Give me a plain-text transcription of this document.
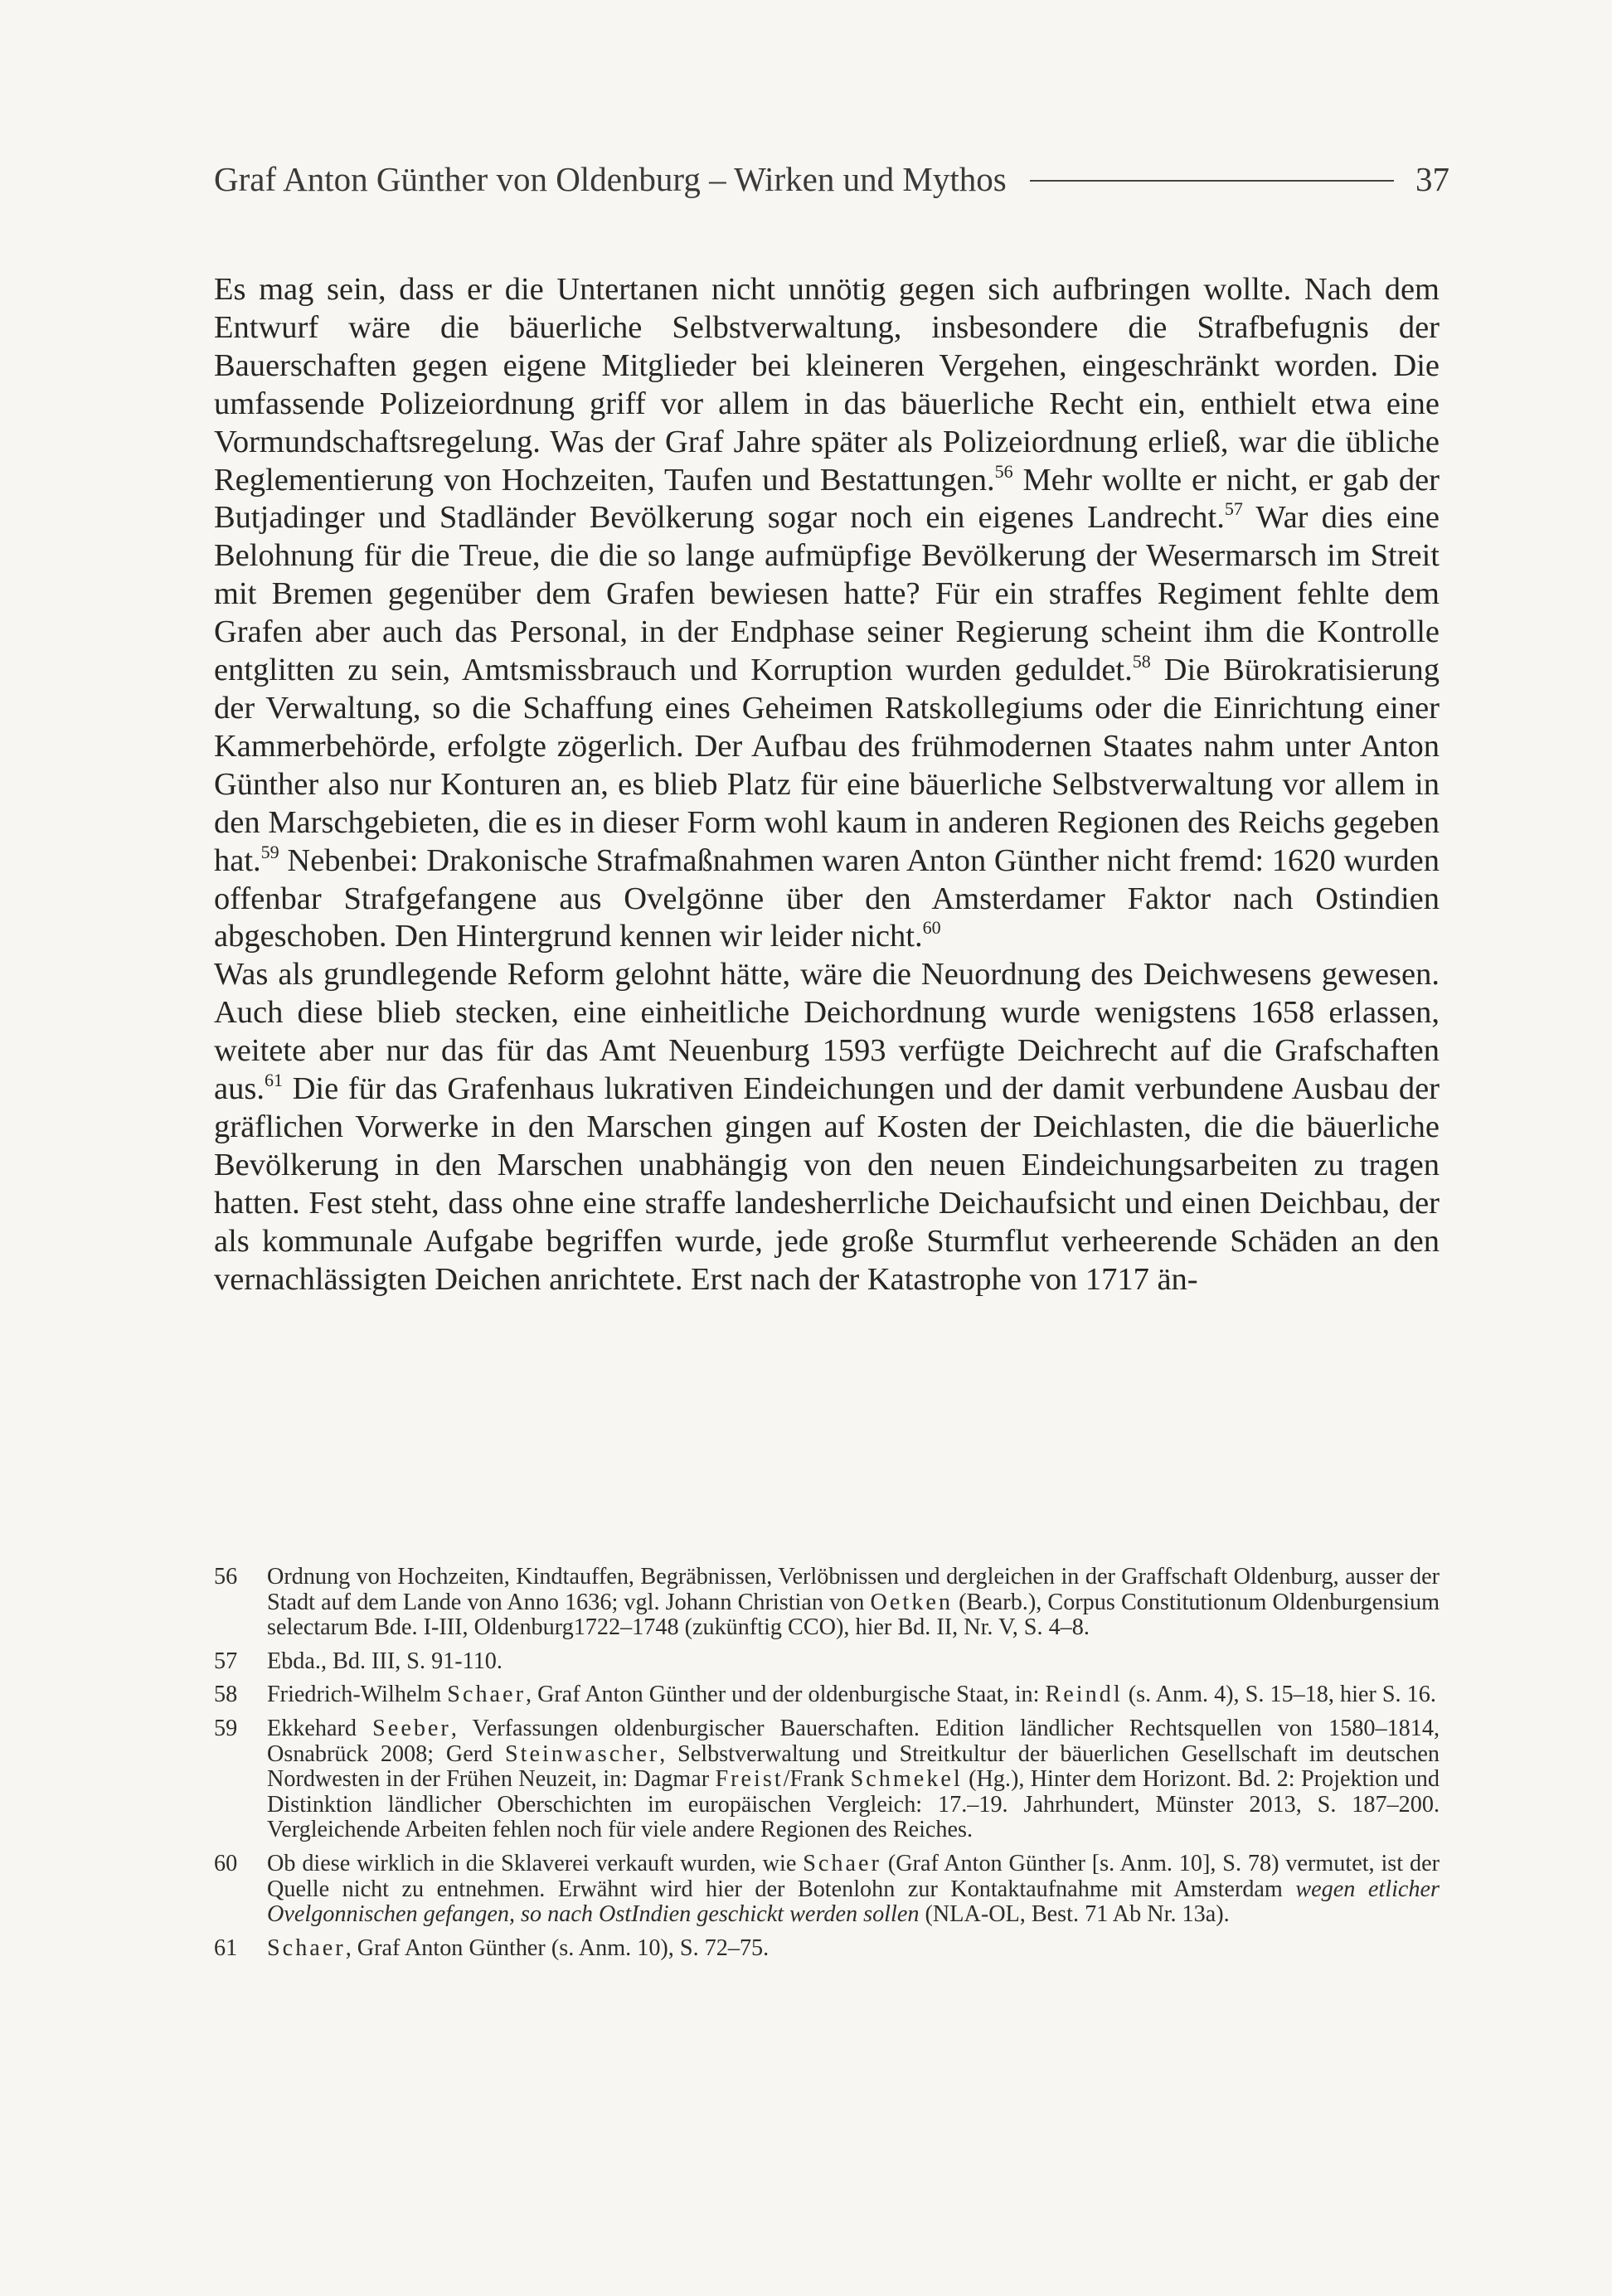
Graf Anton Günther von Oldenburg – Wirken und Mythos	37

Es mag sein, dass er die Untertanen nicht unnötig gegen sich aufbringen wollte. Nach dem Entwurf wäre die bäuerliche Selbstverwaltung, insbesondere die Strafbefugnis der Bauerschaften gegen eigene Mitglieder bei kleineren Vergehen, eingeschränkt worden. Die umfassende Polizeiordnung griff vor allem in das bäuerliche Recht ein, enthielt etwa eine Vormundschaftsregelung. Was der Graf Jahre später als Polizeiordnung erließ, war die übliche Reglementierung von Hochzeiten, Taufen und Bestattungen.$^{56}$ Mehr wollte er nicht, er gab der Butjadinger und Stadländer Bevölkerung sogar noch ein eigenes Landrecht.$^{57}$ War dies eine Belohnung für die Treue, die die so lange aufmüpfige Bevölkerung der Wesermarsch im Streit mit Bremen gegenüber dem Grafen bewiesen hatte? Für ein straffes Regiment fehlte dem Grafen aber auch das Personal, in der Endphase seiner Regierung scheint ihm die Kontrolle entglitten zu sein, Amtsmissbrauch und Korruption wurden geduldet.$^{58}$ Die Bürokratisierung der Verwaltung, so die Schaffung eines Geheimen Ratskollegiums oder die Einrichtung einer Kammerbehörde, erfolgte zögerlich. Der Aufbau des frühmodernen Staates nahm unter Anton Günther also nur Konturen an, es blieb Platz für eine bäuerliche Selbstverwaltung vor allem in den Marschgebieten, die es in dieser Form wohl kaum in anderen Regionen des Reichs gegeben hat.$^{59}$ Nebenbei: Drakonische Strafmaßnahmen waren Anton Günther nicht fremd: 1620 wurden offenbar Strafgefangene aus Ovelgönne über den Amsterdamer Faktor nach Ostindien abgeschoben. Den Hintergrund kennen wir leider nicht.$^{60}$

Was als grundlegende Reform gelohnt hätte, wäre die Neuordnung des Deichwesens gewesen. Auch diese blieb stecken, eine einheitliche Deichordnung wurde wenigstens 1658 erlassen, weitete aber nur das für das Amt Neuenburg 1593 verfügte Deichrecht auf die Grafschaften aus.$^{61}$ Die für das Grafenhaus lukrativen Eindeichungen und der damit verbundene Ausbau der gräflichen Vorwerke in den Marschen gingen auf Kosten der Deichlasten, die die bäuerliche Bevölkerung in den Marschen unabhängig von den neuen Eindeichungsarbeiten zu tragen hatten. Fest steht, dass ohne eine straffe landesherrliche Deichaufsicht und einen Deichbau, der als kommunale Aufgabe begriffen wurde, jede große Sturmflut verheerende Schäden an den vernachlässigten Deichen anrichtete. Erst nach der Katastrophe von 1717 än-

56	Ordnung von Hochzeiten, Kindtauffen, Begräbnissen, Verlöbnissen und dergleichen in der Graffschaft Oldenburg, ausser der Stadt auf dem Lande von Anno 1636; vgl. Johann Christian von Oetken (Bearb.), Corpus Constitutionum Oldenburgensium selectarum Bde. I-III, Oldenburg1722–1748 (zukünftig CCO), hier Bd. II, Nr. V, S. 4–8.
57	Ebda., Bd. III, S. 91-110.
58	Friedrich-Wilhelm Schaer, Graf Anton Günther und der oldenburgische Staat, in: Reindl (s. Anm. 4), S. 15–18, hier S. 16.
59	Ekkehard Seeber, Verfassungen oldenburgischer Bauerschaften. Edition ländlicher Rechtsquellen von 1580–1814, Osnabrück 2008; Gerd Steinwascher, Selbstverwaltung und Streitkultur der bäuerlichen Gesellschaft im deutschen Nordwesten in der Frühen Neuzeit, in: Dagmar Freist/Frank Schmekel (Hg.), Hinter dem Horizont. Bd. 2: Projektion und Distinktion ländlicher Oberschichten im europäischen Vergleich: 17.–19. Jahrhundert, Münster 2013, S. 187–200. Vergleichende Arbeiten fehlen noch für viele andere Regionen des Reiches.
60	Ob diese wirklich in die Sklaverei verkauft wurden, wie Schaer (Graf Anton Günther [s. Anm. 10], S. 78) vermutet, ist der Quelle nicht zu entnehmen. Erwähnt wird hier der Botenlohn zur Kontaktaufnahme mit Amsterdam wegen etlicher Ovelgonnischen gefangen, so nach OstIndien geschickt werden sollen (NLA-OL, Best. 71 Ab Nr. 13a).
61	Schaer, Graf Anton Günther (s. Anm. 10), S. 72–75.
